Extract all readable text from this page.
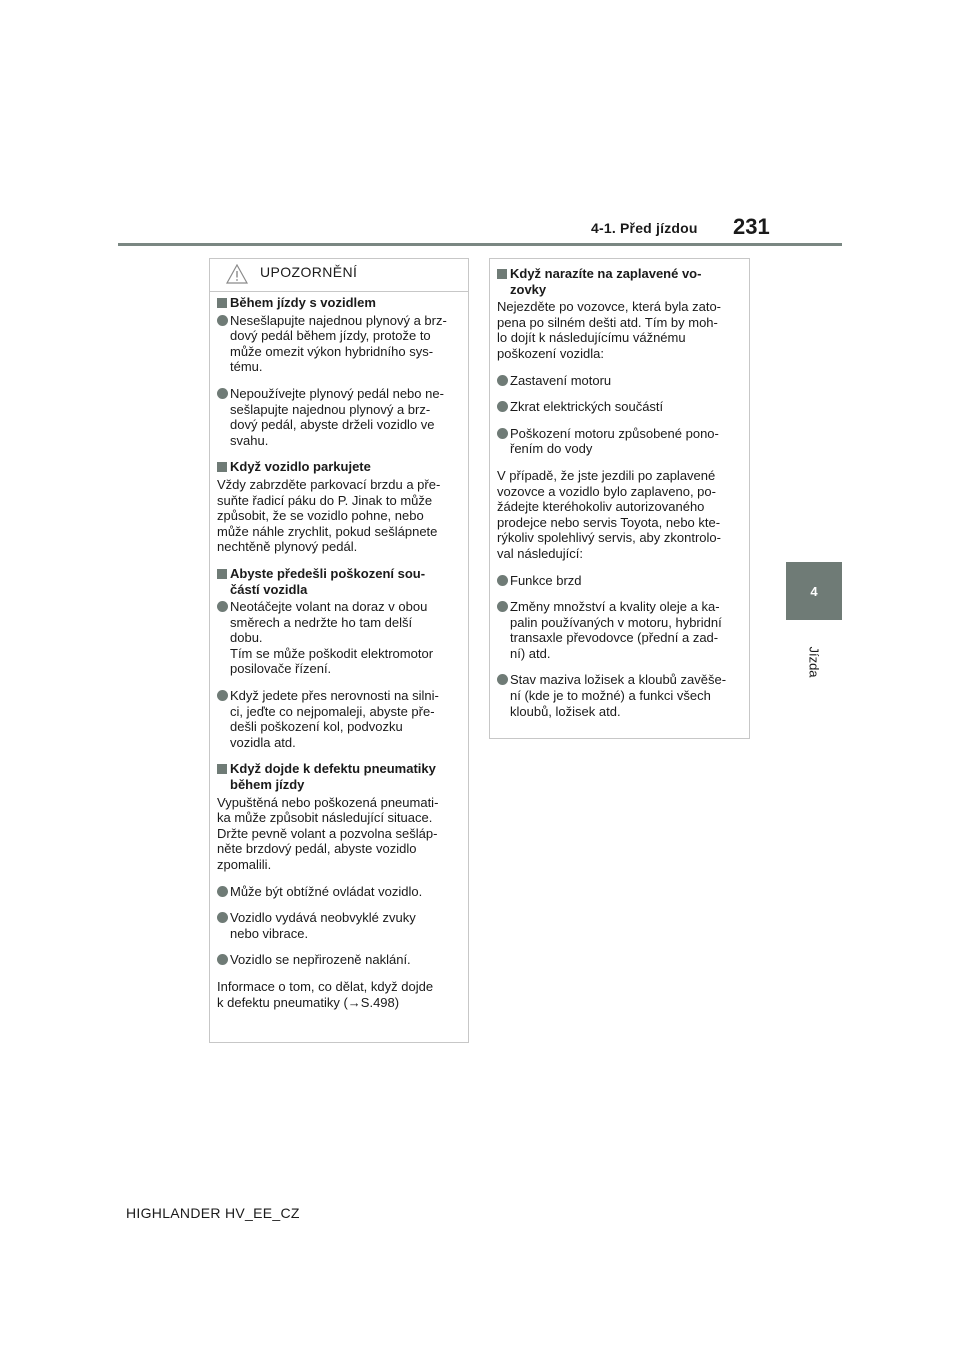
4-1. Před jízdou 231
4
Jízda
HIGHLANDER HV_EE_CZ
UPOZORNĚNÍ
Během jízdy s vozidlem
Nesešlapujte najednou plynový a brz-
dový pedál během jízdy, protože to
může omezit výkon hybridního sys-
tému.
Nepoužívejte plynový pedál nebo ne-
sešlapujte najednou plynový a brz-
dový pedál, abyste drželi vozidlo ve
svahu.
Když vozidlo parkujete
Vždy zabrzděte parkovací brzdu a pře-
suňte řadicí páku do P. Jinak to může
způsobit, že se vozidlo pohne, nebo
může náhle zrychlit, pokud sešlápnete
nechtěně plynový pedál.
Abyste předešli poškození sou-
částí vozidla
Neotáčejte volant na doraz v obou
směrech a nedržte ho tam delší
dobu.
Tím se může poškodit elektromotor
posilovače řízení.
Když jedete přes nerovnosti na silni-
ci, jeďte co nejpomaleji, abyste pře-
dešli poškození kol, podvozku
vozidla atd.
Když dojde k defektu pneumatiky
během jízdy
Vypuštěná nebo poškozená pneumati-
ka může způsobit následující situace.
Držte pevně volant a pozvolna sešláp-
něte brzdový pedál, abyste vozidlo
zpomalili.
Může být obtížné ovládat vozidlo.
Vozidlo vydává neobvyklé zvuky
nebo vibrace.
Vozidlo se nepřirozeně naklání.
Informace o tom, co dělat, když dojde
k defektu pneumatiky (→S.498)
Když narazíte na zaplavené vo-
zovky
Nejezděte po vozovce, která byla zato-
pena po silném dešti atd. Tím by moh-
lo dojít k následujícímu vážnému
poškození vozidla:
Zastavení motoru
Zkrat elektrických součástí
Poškození motoru způsobené pono-
řením do vody
V případě, že jste jezdili po zaplavené
vozovce a vozidlo bylo zaplaveno, po-
žádejte kteréhokoliv autorizovaného
prodejce nebo servis Toyota, nebo kte-
rýkoliv spolehlivý servis, aby zkontrolo-
val následující:
Funkce brzd
Změny množství a kvality oleje a ka-
palin používaných v motoru, hybridní
transaxle převodovce (přední a zad-
ní) atd.
Stav maziva ložisek a kloubů zavěše-
ní (kde je to možné) a funkci všech
kloubů, ložisek atd.
